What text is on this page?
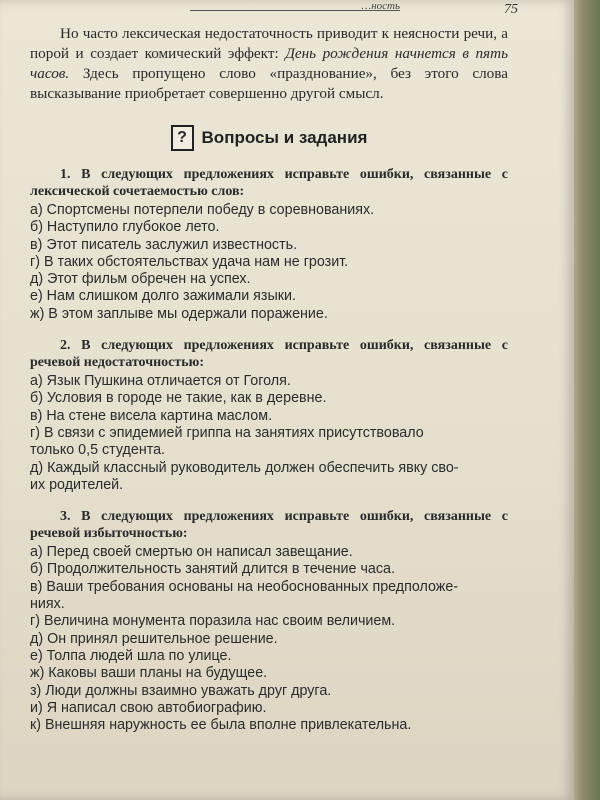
…ность	75

Но часто лексическая недостаточность приводит к неясности речи, а порой и создает комический эффект: День рождения начнется в пять часов. Здесь пропущено слово «празднование», без этого слова высказывание приобретает совершенно другой смысл.

? Вопросы и задания

1. В следующих предложениях исправьте ошибки, связанные с лексической сочетаемостью слов:

а) Спортсмены потерпели победу в соревнованиях.
б) Наступило глубокое лето.
в) Этот писатель заслужил известность.
г) В таких обстоятельствах удача нам не грозит.
д) Этот фильм обречен на успех.
е) Нам слишком долго зажимали языки.
ж) В этом заплыве мы одержали поражение.

2. В следующих предложениях исправьте ошибки, связанные с речевой недостаточностью:

а) Язык Пушкина отличается от Гоголя.
б) Условия в городе не такие, как в деревне.
в) На стене висела картина маслом.
г) В связи с эпидемией гриппа на занятиях присутствовало
только 0,5 студента.
д) Каждый классный руководитель должен обеспечить явку сво-
их родителей.

3. В следующих предложениях исправьте ошибки, связанные с речевой избыточностью:

а) Перед своей смертью он написал завещание.
б) Продолжительность занятий длится в течение часа.
в) Ваши требования основаны на необоснованных предположе-
ниях.
г) Величина монумента поразила нас своим величием.
д) Он принял решительное решение.
е) Толпа людей шла по улице.
ж) Каковы ваши планы на будущее.
з) Люди должны взаимно уважать друг друга.
и) Я написал свою автобиографию.
к) Внешняя наружность ее была вполне привлекательна.
